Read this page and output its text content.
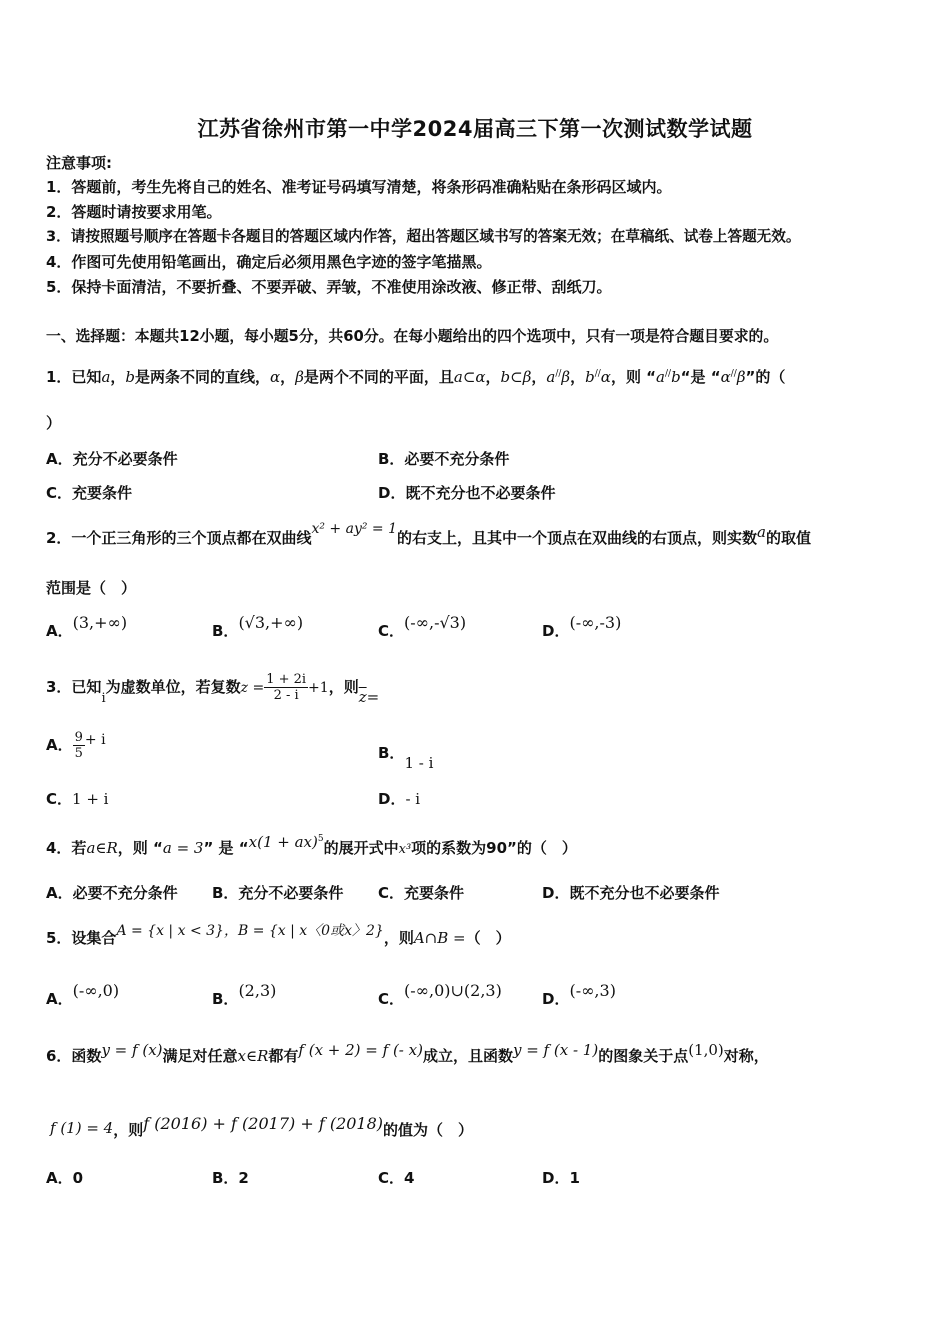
江苏省徐州市第一中学2024届高三下第一次测试数学试题
注意事项:
1．答题前，考生先将自己的姓名、准考证号码填写清楚，将条形码准确粘贴在条形码区域内。
2．答题时请按要求用笔。
3．请按照题号顺序在答题卡各题目的答题区域内作答，超出答题区域书写的答案无效；在草稿纸、试卷上答题无效。
4．作图可先使用铅笔画出，确定后必须用黑色字迹的签字笔描黑。
5．保持卡面清洁，不要折叠、不要弄破、弄皱，不准使用涂改液、修正带、刮纸刀。
一、选择题：本题共12小题，每小题5分，共60分。在每小题给出的四个选项中，只有一项是符合题目要求的。
1．已知a，b是两条不同的直线，α，β是两个不同的平面，且a⊂α，b⊂β，a//β，b//α，则 “a//b“是 “α//β”的（
）
A．充分不必要条件	B．必要不充分条件
C．充要条件	D．既不充分也不必要条件
2．一个正三角形的三个顶点都在双曲线x² + ay² = 1的右支上，且其中一个顶点在双曲线的右顶点，则实数a的取值
范围是（　）
A．(3,+∞)	B．(√3,+∞)	C．(-∞,-√3)	D．(-∞,-3)
3．已知i为虚数单位，若复数$z = \frac{1 + 2i}{2 - i} +1$，则$\overline{z}=$
A． $\frac{9}{5} + i$
B．1 - i
C．1 + i	D．- i
4．若a∈R，则 “a = 3” 是 “x(1 + ax)$^5$的展开式中x³项的系数为90”的（　）
A．必要不充分条件 B．充分不必要条件 C．充要条件	D．既不充分也不必要条件
5．设集合A = {x | x < 3}，B = {x | x〈0或x〉2}，则A∩B =（　）
A．(-∞,0)	B．(2,3)	C．(-∞,0)∪(2,3)	D．(-∞,3)
6．函数y = f (x)满足对任意x∈R都有f (x + 2) = f (- x)成立，且函数y = f (x - 1)的图象关于点(1,0)对称，
f (1) = 4，则f (2016) + f (2017) + f (2018)的值为（　）
A．0	B．2	C．4	D．1
